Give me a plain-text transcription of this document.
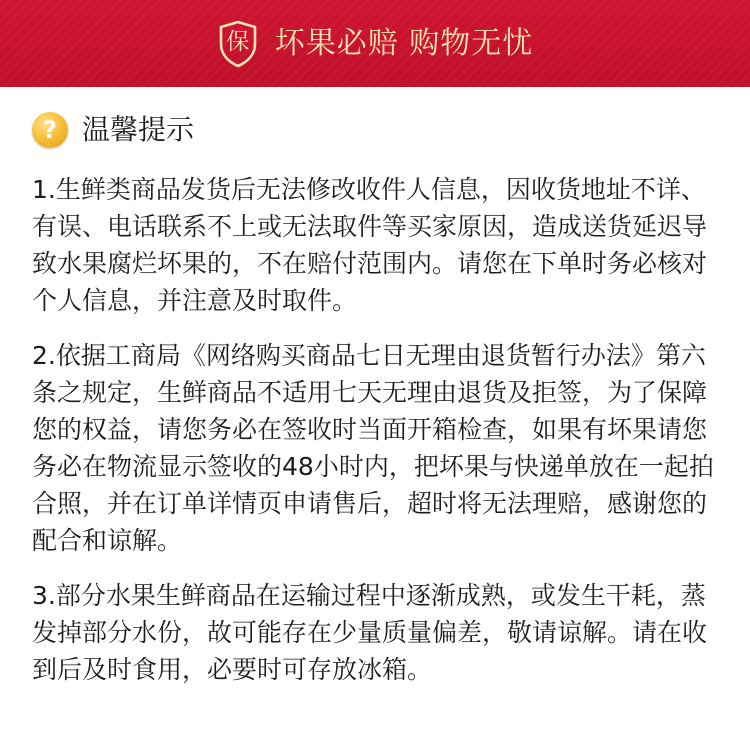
保 坏果必赔 购物无忧
? 温馨提示

1.生鲜类商品发货后无法修改收件人信息，因收货地址不详、有误、电话联系不上或无法取件等买家原因，造成送货延迟导致水果腐烂坏果的，不在赔付范围内。请您在下单时务必核对个人信息，并注意及时取件。

2.依据工商局《网络购买商品七日无理由退货暂行办法》第六条之规定，生鲜商品不适用七天无理由退货及拒签，为了保障您的权益，请您务必在签收时当面开箱检查，如果有坏果请您务必在物流显示签收的48小时内，把坏果与快递单放在一起拍合照，并在订单详情页申请售后，超时将无法理赔，感谢您的配合和谅解。

3.部分水果生鲜商品在运输过程中逐渐成熟，或发生干耗，蒸发掉部分水份，故可能存在少量质量偏差，敬请谅解。请在收到后及时食用，必要时可存放冰箱。
